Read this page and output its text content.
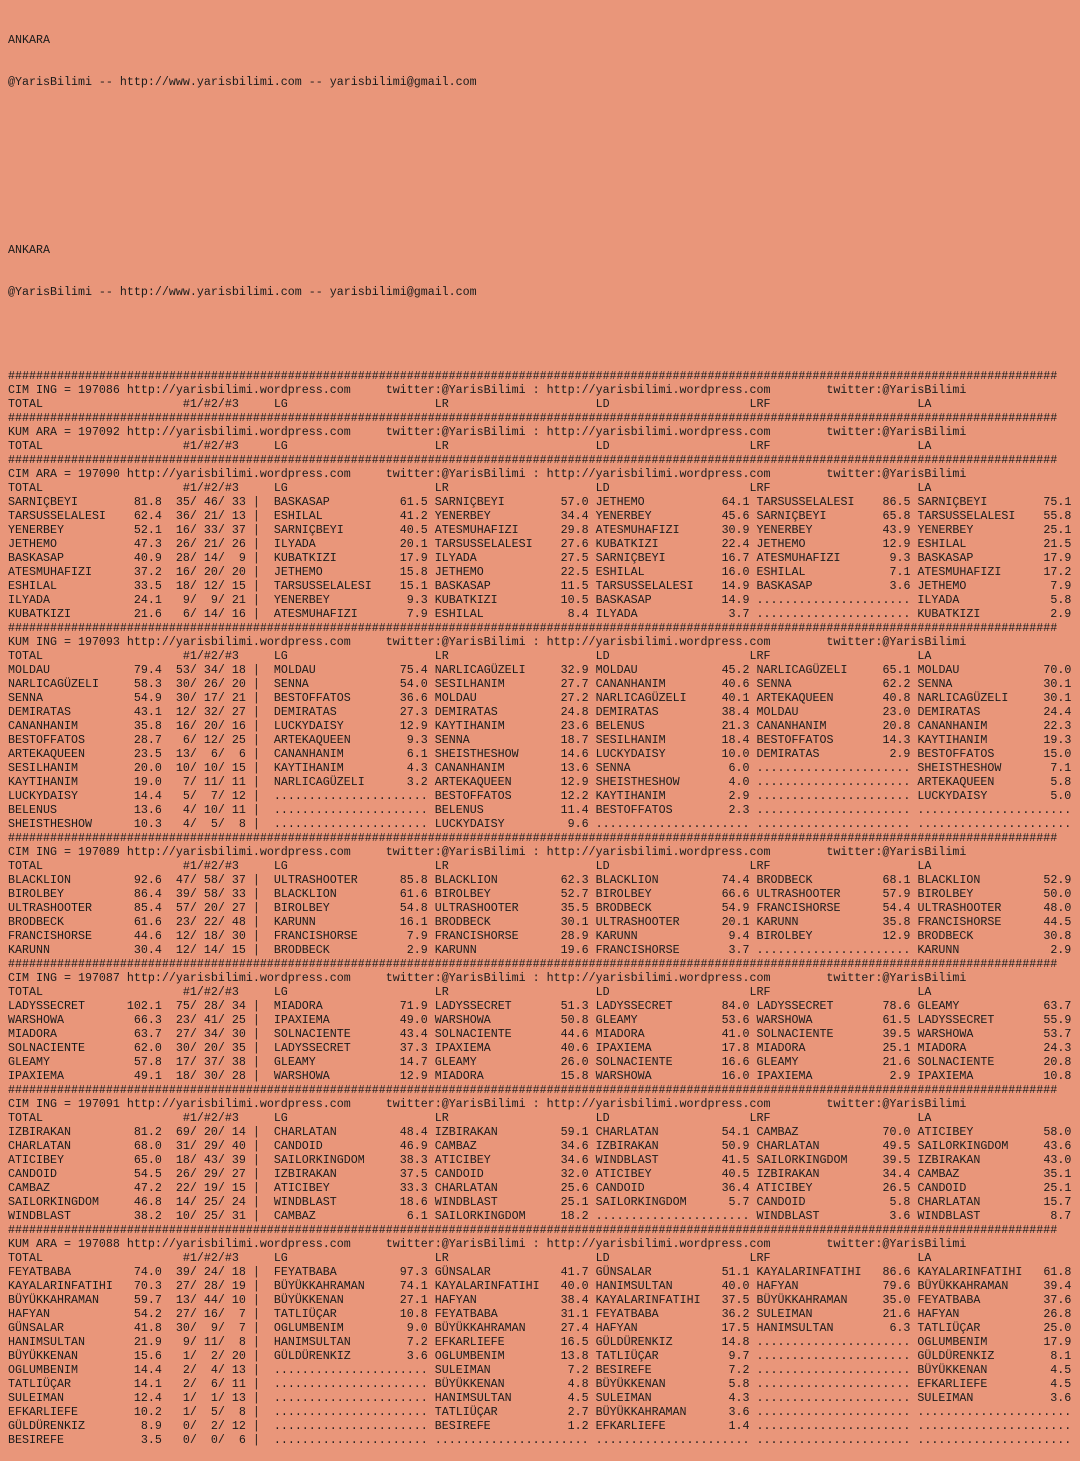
ANKARA

@YarisBilimi -- http://www.yarisbilimi.com -- yarisbilimi@gmail.com

ANKARA

@YarisBilimi -- http://www.yarisbilimi.com -- yarisbilimi@gmail.com

######################################################################################################################################################
CIM ING = 197086 http://yarisbilimi.wordpress.com     twitter:@YarisBilimi : http://yarisbilimi.wordpress.com        twitter:@YarisBilimi
TOTAL                    #1/#2/#3     LG                     LR                     LD                    LRF                     LA
######################################################################################################################################################
KUM ARA = 197092 http://yarisbilimi.wordpress.com     twitter:@YarisBilimi : http://yarisbilimi.wordpress.com        twitter:@YarisBilimi
TOTAL                    #1/#2/#3     LG                     LR                     LD                    LRF                     LA
######################################################################################################################################################
CIM ARA = 197090 http://yarisbilimi.wordpress.com     twitter:@YarisBilimi : http://yarisbilimi.wordpress.com        twitter:@YarisBilimi
TOTAL                    #1/#2/#3     LG                     LR                     LD                    LRF                     LA
SARNIÇBEYI        81.8  35/ 46/ 33 |  BASKASAP          61.5 SARNIÇBEYI        57.0 JETHEMO           64.1 TARSUSSELALESI    86.5 SARNIÇBEYI        75.1
TARSUSSELALESI    62.4  36/ 21/ 13 |  ESHILAL           41.2 YENERBEY          34.4 YENERBEY          45.6 SARNIÇBEYI        65.8 TARSUSSELALESI    55.8
YENERBEY          52.1  16/ 33/ 37 |  SARNIÇBEYI        40.5 ATESMUHAFIZI      29.8 ATESMUHAFIZI      30.9 YENERBEY          43.9 YENERBEY          25.1
JETHEMO           47.3  26/ 21/ 26 |  ILYADA            20.1 TARSUSSELALESI    27.6 KUBATKIZI         22.4 JETHEMO           12.9 ESHILAL           21.5
BASKASAP          40.9  28/ 14/  9 |  KUBATKIZI         17.9 ILYADA            27.5 SARNIÇBEYI        16.7 ATESMUHAFIZI       9.3 BASKASAP          17.9
ATESMUHAFIZI      37.2  16/ 20/ 20 |  JETHEMO           15.8 JETHEMO           22.5 ESHILAL           16.0 ESHILAL            7.1 ATESMUHAFIZI      17.2
ESHILAL           33.5  18/ 12/ 15 |  TARSUSSELALESI    15.1 BASKASAP          11.5 TARSUSSELALESI    14.9 BASKASAP           3.6 JETHEMO            7.9
ILYADA            24.1   9/  9/ 21 |  YENERBEY           9.3 KUBATKIZI         10.5 BASKASAP          14.9 ...................... ILYADA             5.8
KUBATKIZI         21.6   6/ 14/ 16 |  ATESMUHAFIZI       7.9 ESHILAL            8.4 ILYADA             3.7 ...................... KUBATKIZI          2.9
######################################################################################################################################################
KUM ING = 197093 http://yarisbilimi.wordpress.com     twitter:@YarisBilimi : http://yarisbilimi.wordpress.com        twitter:@YarisBilimi
TOTAL                    #1/#2/#3     LG                     LR                     LD                    LRF                     LA
MOLDAU            79.4  53/ 34/ 18 |  MOLDAU            75.4 NARLICAGÜZELI     32.9 MOLDAU            45.2 NARLICAGÜZELI     65.1 MOLDAU            70.0
NARLICAGÜZELI     58.3  30/ 26/ 20 |  SENNA             54.0 SESILHANIM        27.7 CANANHANIM        40.6 SENNA             62.2 SENNA             30.1
SENNA             54.9  30/ 17/ 21 |  BESTOFFATOS       36.6 MOLDAU            27.2 NARLICAGÜZELI     40.1 ARTEKAQUEEN       40.8 NARLICAGÜZELI     30.1
DEMIRATAS         43.1  12/ 32/ 27 |  DEMIRATAS         27.3 DEMIRATAS         24.8 DEMIRATAS         38.4 MOLDAU            23.0 DEMIRATAS         24.4
CANANHANIM        35.8  16/ 20/ 16 |  LUCKYDAISY        12.9 KAYTIHANIM        23.6 BELENUS           21.3 CANANHANIM        20.8 CANANHANIM        22.3
BESTOFFATOS       28.7   6/ 12/ 25 |  ARTEKAQUEEN        9.3 SENNA             18.7 SESILHANIM        18.4 BESTOFFATOS       14.3 KAYTIHANIM        19.3
ARTEKAQUEEN       23.5  13/  6/  6 |  CANANHANIM         6.1 SHEISTHESHOW      14.6 LUCKYDAISY        10.0 DEMIRATAS          2.9 BESTOFFATOS       15.0
SESILHANIM        20.0  10/ 10/ 15 |  KAYTIHANIM         4.3 CANANHANIM        13.6 SENNA              6.0 ...................... SHEISTHESHOW       7.1
KAYTIHANIM        19.0   7/ 11/ 11 |  NARLICAGÜZELI      3.2 ARTEKAQUEEN       12.9 SHEISTHESHOW       4.0 ...................... ARTEKAQUEEN        5.8
LUCKYDAISY        14.4   5/  7/ 12 |  ...................... BESTOFFATOS       12.2 KAYTIHANIM         2.9 ...................... LUCKYDAISY         5.0
BELENUS           13.6   4/ 10/ 11 |  ...................... BELENUS           11.4 BESTOFFATOS        2.3 ...................... ......................
SHEISTHESHOW      10.3   4/  5/  8 |  ...................... LUCKYDAISY         9.6 ...................... ...................... ......................
######################################################################################################################################################
CIM ING = 197089 http://yarisbilimi.wordpress.com     twitter:@YarisBilimi : http://yarisbilimi.wordpress.com        twitter:@YarisBilimi
TOTAL                    #1/#2/#3     LG                     LR                     LD                    LRF                     LA
BLACKLION         92.6  47/ 58/ 37 |  ULTRASHOOTER      85.8 BLACKLION         62.3 BLACKLION         74.4 BRODBECK          68.1 BLACKLION         52.9
BIROLBEY          86.4  39/ 58/ 33 |  BLACKLION         61.6 BIROLBEY          52.7 BIROLBEY          66.6 ULTRASHOOTER      57.9 BIROLBEY          50.0
ULTRASHOOTER      85.4  57/ 20/ 27 |  BIROLBEY          54.8 ULTRASHOOTER      35.5 BRODBECK          54.9 FRANCISHORSE      54.4 ULTRASHOOTER      48.0
BRODBECK          61.6  23/ 22/ 48 |  KARUNN            16.1 BRODBECK          30.1 ULTRASHOOTER      20.1 KARUNN            35.8 FRANCISHORSE      44.5
FRANCISHORSE      44.6  12/ 18/ 30 |  FRANCISHORSE       7.9 FRANCISHORSE      28.9 KARUNN             9.4 BIROLBEY          12.9 BRODBECK          30.8
KARUNN            30.4  12/ 14/ 15 |  BRODBECK           2.9 KARUNN            19.6 FRANCISHORSE       3.7 ...................... KARUNN             2.9
######################################################################################################################################################
CIM ING = 197087 http://yarisbilimi.wordpress.com     twitter:@YarisBilimi : http://yarisbilimi.wordpress.com        twitter:@YarisBilimi
TOTAL                    #1/#2/#3     LG                     LR                     LD                    LRF                     LA
LADYSSECRET      102.1  75/ 28/ 34 |  MIADORA           71.9 LADYSSECRET       51.3 LADYSSECRET       84.0 LADYSSECRET       78.6 GLEAMY            63.7
WARSHOWA          66.3  23/ 41/ 25 |  IPAXIEMA          49.0 WARSHOWA          50.8 GLEAMY            53.6 WARSHOWA          61.5 LADYSSECRET       55.9
MIADORA           63.7  27/ 34/ 30 |  SOLNACIENTE       43.4 SOLNACIENTE       44.6 MIADORA           41.0 SOLNACIENTE       39.5 WARSHOWA          53.7
SOLNACIENTE       62.0  30/ 20/ 35 |  LADYSSECRET       37.3 IPAXIEMA          40.6 IPAXIEMA          17.8 MIADORA           25.1 MIADORA           24.3
GLEAMY            57.8  17/ 37/ 38 |  GLEAMY            14.7 GLEAMY            26.0 SOLNACIENTE       16.6 GLEAMY            21.6 SOLNACIENTE       20.8
IPAXIEMA          49.1  18/ 30/ 28 |  WARSHOWA          12.9 MIADORA           15.8 WARSHOWA          16.0 IPAXIEMA           2.9 IPAXIEMA          10.8
######################################################################################################################################################
CIM ING = 197091 http://yarisbilimi.wordpress.com     twitter:@YarisBilimi : http://yarisbilimi.wordpress.com        twitter:@YarisBilimi
TOTAL                    #1/#2/#3     LG                     LR                     LD                    LRF                     LA
IZBIRAKAN         81.2  69/ 20/ 14 |  CHARLATAN         48.4 IZBIRAKAN         59.1 CHARLATAN         54.1 CAMBAZ            70.0 ATICIBEY          58.0
CHARLATAN         68.0  31/ 29/ 40 |  CANDOID           46.9 CAMBAZ            34.6 IZBIRAKAN         50.9 CHARLATAN         49.5 SAILORKINGDOM     43.6
ATICIBEY          65.0  18/ 43/ 39 |  SAILORKINGDOM     38.3 ATICIBEY          34.6 WINDBLAST         41.5 SAILORKINGDOM     39.5 IZBIRAKAN         43.0
CANDOID           54.5  26/ 29/ 27 |  IZBIRAKAN         37.5 CANDOID           32.0 ATICIBEY          40.5 IZBIRAKAN         34.4 CAMBAZ            35.1
CAMBAZ            47.2  22/ 19/ 15 |  ATICIBEY          33.3 CHARLATAN         25.6 CANDOID           36.4 ATICIBEY          26.5 CANDOID           25.1
SAILORKINGDOM     46.8  14/ 25/ 24 |  WINDBLAST         18.6 WINDBLAST         25.1 SAILORKINGDOM      5.7 CANDOID            5.8 CHARLATAN         15.7
WINDBLAST         38.2  10/ 25/ 31 |  CAMBAZ             6.1 SAILORKINGDOM     18.2 ...................... WINDBLAST          3.6 WINDBLAST          8.7
######################################################################################################################################################
KUM ARA = 197088 http://yarisbilimi.wordpress.com     twitter:@YarisBilimi : http://yarisbilimi.wordpress.com        twitter:@YarisBilimi
TOTAL                    #1/#2/#3     LG                     LR                     LD                    LRF                     LA
FEYATBABA         74.0  39/ 24/ 18 |  FEYATBABA         97.3 GÜNSALAR          41.7 GÜNSALAR          51.1 KAYALARINFATIHI   86.6 KAYALARINFATIHI   61.8
KAYALARINFATIHI   70.3  27/ 28/ 19 |  BÜYÜKKAHRAMAN     74.1 KAYALARINFATIHI   40.0 HANIMSULTAN       40.0 HAFYAN            79.6 BÜYÜKKAHRAMAN     39.4
BÜYÜKKAHRAMAN     59.7  13/ 44/ 10 |  BÜYÜKKENAN        27.1 HAFYAN            38.4 KAYALARINFATIHI   37.5 BÜYÜKKAHRAMAN     35.0 FEYATBABA         37.6
HAFYAN            54.2  27/ 16/  7 |  TATLIÜÇAR         10.8 FEYATBABA         31.1 FEYATBABA         36.2 SULEIMAN          21.6 HAFYAN            26.8
GÜNSALAR          41.8  30/  9/  7 |  OGLUMBENIM         9.0 BÜYÜKKAHRAMAN     27.4 HAFYAN            17.5 HANIMSULTAN        6.3 TATLIÜÇAR         25.0
HANIMSULTAN       21.9   9/ 11/  8 |  HANIMSULTAN        7.2 EFKARLIEFE        16.5 GÜLDÜRENKIZ       14.8 ...................... OGLUMBENIM        17.9
BÜYÜKKENAN        15.6   1/  2/ 20 |  GÜLDÜRENKIZ        3.6 OGLUMBENIM        13.8 TATLIÜÇAR          9.7 ...................... GÜLDÜRENKIZ        8.1
OGLUMBENIM        14.4   2/  4/ 13 |  ...................... SULEIMAN           7.2 BESIREFE           7.2 ...................... BÜYÜKKENAN         4.5
TATLIÜÇAR         14.1   2/  6/ 11 |  ...................... BÜYÜKKENAN         4.8 BÜYÜKKENAN         5.8 ...................... EFKARLIEFE         4.5
SULEIMAN          12.4   1/  1/ 13 |  ...................... HANIMSULTAN        4.5 SULEIMAN           4.3 ...................... SULEIMAN           3.6
EFKARLIEFE        10.2   1/  5/  8 |  ...................... TATLIÜÇAR          2.7 BÜYÜKKAHRAMAN      3.6 ...................... ......................
GÜLDÜRENKIZ        8.9   0/  2/ 12 |  ...................... BESIREFE           1.2 EFKARLIEFE         1.4 ...................... ......................
BESIREFE           3.5   0/  0/  6 |  ...................... ...................... ...................... ...................... ......................
